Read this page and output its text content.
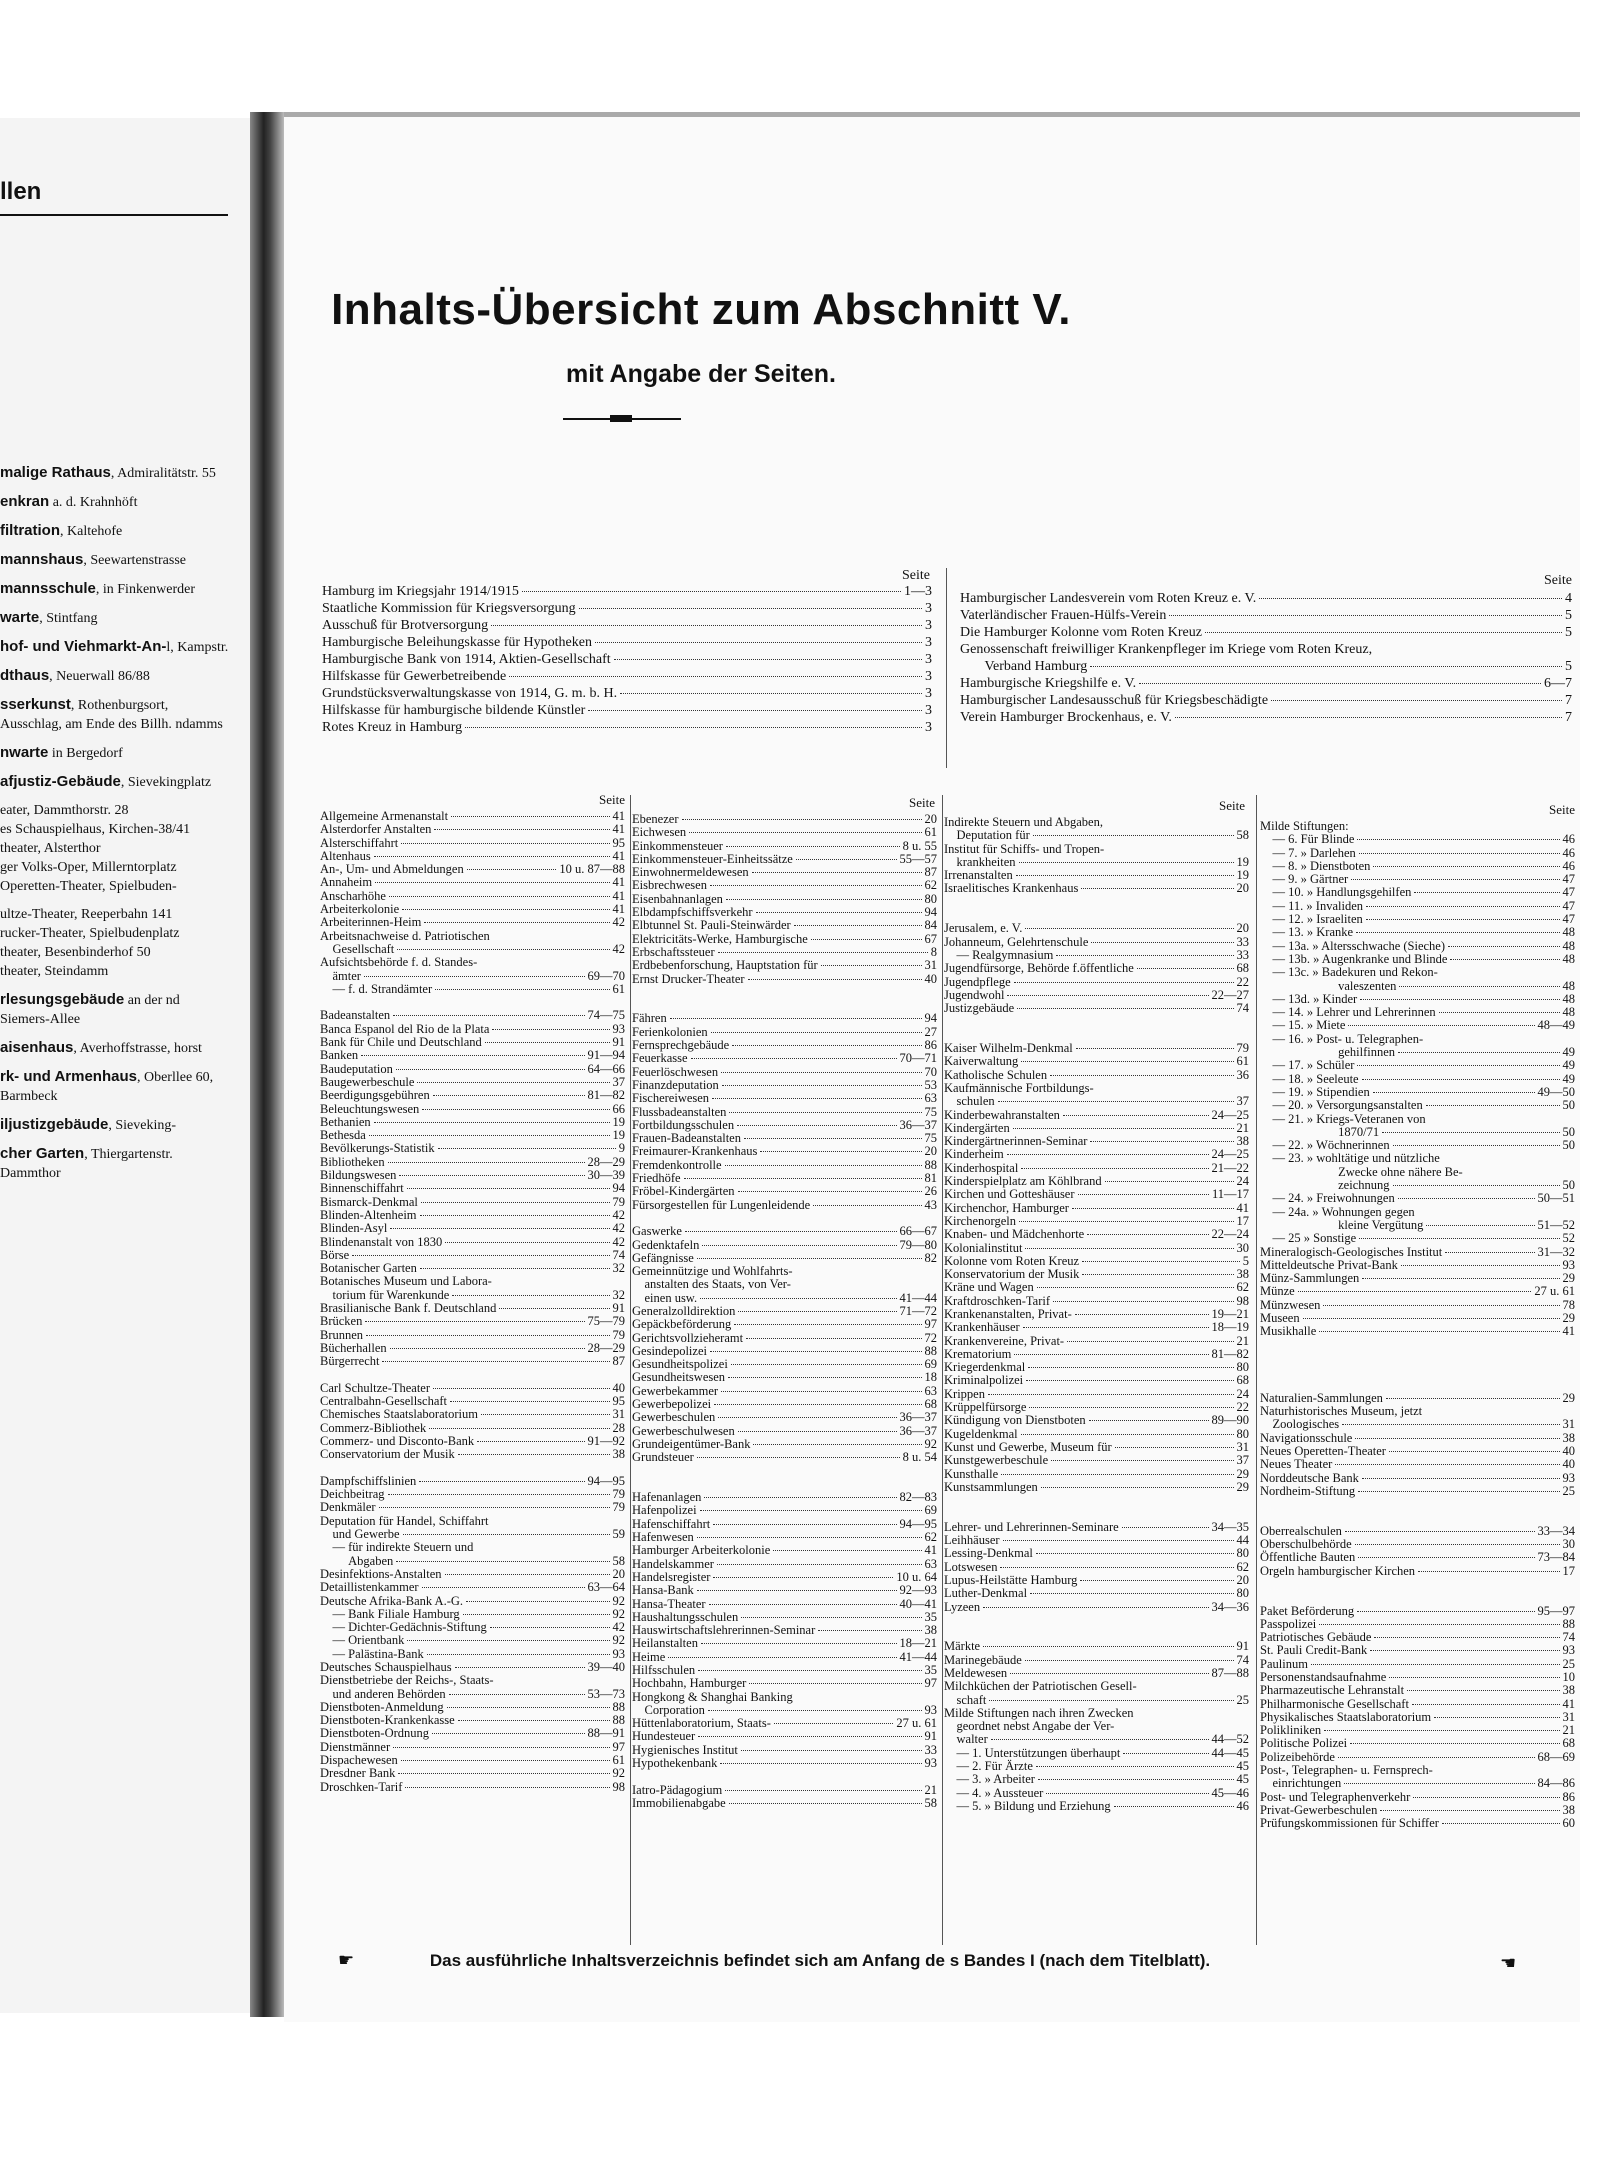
llen
malige Rathaus, Admiralitätstr. 55
enkran a. d. Krahnhöft
filtration, Kaltehofe
mannshaus, Seewartenstrasse
mannsschule, in Finkenwerder
warte, Stintfang
hof- und Viehmarkt-An-l, Kampstr.
dthaus, Neuerwall 86/88
sserkunst, Rothenburgsort, Ausschlag, am Ende des Billh. ndamms
nwarte in Bergedorf
afjustiz-Gebäude, Sievekingplatz
eater, Dammthorstr. 28
es Schauspielhaus, Kirchen-38/41
theater, Alsterthor
ger Volks-Oper, Millerntorplatz
Operetten-Theater, Spielbuden-
ultze-Theater, Reeperbahn 141
rucker-Theater, Spielbudenplatz
theater, Besenbinderhof 50
theater, Steindamm
rlesungsgebäude an der nd Siemers-Allee
aisenhaus, Averhoffstrasse, horst
rk- und Armenhaus, Oberllee 60, Barmbeck
iljustizgebäude, Sieveking-
cher Garten, Thiergartenstr. Dammthor
Inhalts-Übersicht zum Abschnitt V.
mit Angabe der Seiten.
Seite	Seite
Hamburg im Kriegsjahr 1914/1915	1—3
Staatliche Kommission für Kriegsversorgung	3
Ausschuß für Brotversorgung	3
Hamburgische Beleihungskasse für Hypotheken	3
Hamburgische Bank von 1914, Aktien-Gesellschaft	3
Hilfskasse für Gewerbetreibende	3
Grundstücksverwaltungskasse von 1914, G. m. b. H.	3
Hilfskasse für hamburgische bildende Künstler	3
Rotes Kreuz in Hamburg	3
Hamburgischer Landesverein vom Roten Kreuz e. V.	4
Vaterländischer Frauen-Hülfs-Verein	5
Die Hamburger Kolonne vom Roten Kreuz	5
Genossenschaft freiwilliger Krankenpfleger im Kriege vom Roten Kreuz,
Verband Hamburg	5
Hamburgische Kriegshilfe e. V.	6—7
Hamburgischer Landesausschuß für Kriegsbeschädigte	7
Verein Hamburger Brockenhaus, e. V.	7
Seite	Seite	Seite	Seite
Allgemeine Armenanstalt	41
Alsterdorfer Anstalten	41
Alsterschiffahrt	95
Altenhaus	41
An-, Um- und Abmeldungen	10 u. 87—88
Annaheim	41
Anscharhöhe	41
Arbeiterkolonie	41
Arbeiterinnen-Heim	42
Arbeitsnachweise d. Patriotischen
Gesellschaft	42
Aufsichtsbehörde f. d. Standes-
ämter	69—70
— f. d. Strandämter	61
Badeanstalten	74—75
Banca Espanol del Rio de la Plata	93
Bank für Chile und Deutschland	91
Banken	91—94
Baudeputation	64—66
Baugewerbeschule	37
Beerdigungsgebühren	81—82
Beleuchtungswesen	66
Bethanien	19
Bethesda	19
Bevölkerungs-Statistik	9
Bibliotheken	28—29
Bildungswesen	30—39
Binnenschiffahrt	94
Bismarck-Denkmal	79
Blinden-Altenheim	42
Blinden-Asyl	42
Blindenanstalt von 1830	42
Börse	74
Botanischer Garten	32
Botanisches Museum und Labora-
torium für Warenkunde	32
Brasilianische Bank f. Deutschland	91
Brücken	75—79
Brunnen	79
Bücherhallen	28—29
Bürgerrecht	87
Carl Schultze-Theater	40
Centralbahn-Gesellschaft	95
Chemisches Staatslaboratorium	31
Commerz-Bibliothek	28
Commerz- und Disconto-Bank	91—92
Conservatorium der Musik	38
Dampfschiffslinien	94—95
Deichbeitrag	79
Denkmäler	79
Deputation für Handel, Schiffahrt
und Gewerbe	59
— für indirekte Steuern und
Abgaben	58
Desinfektions-Anstalten	20
Detaillistenkammer	63—64
Deutsche Afrika-Bank A.-G.	92
— Bank Filiale Hamburg	92
— Dichter-Gedächnis-Stiftung	42
— Orientbank	92
— Palästina-Bank	93
Deutsches Schauspielhaus	39—40
Dienstbetriebe der Reichs-, Staats-
und anderen Behörden	53—73
Dienstboten-Anmeldung	88
Dienstboten-Krankenkasse	88
Dienstboten-Ordnung	88—91
Dienstmänner	97
Dispachewesen	61
Dresdner Bank	92
Droschken-Tarif	98
Ebenezer	20
Eichwesen	61
Einkommensteuer	8 u. 55
Einkommensteuer-Einheitssätze	55—57
Einwohnermeldewesen	87
Eisbrechwesen	62
Eisenbahnanlagen	80
Elbdampfschiffsverkehr	94
Elbtunnel St. Pauli-Steinwärder	84
Elektricitäts-Werke, Hamburgische	67
Erbschaftssteuer	8
Erdbebenforschung, Hauptstation für	31
Ernst Drucker-Theater	40
Fähren	94
Ferienkolonien	27
Fernsprechgebäude	86
Feuerkasse	70—71
Feuerlöschwesen	70
Finanzdeputation	53
Fischereiwesen	63
Flussbadeanstalten	75
Fortbildungsschulen	36—37
Frauen-Badeanstalten	75
Freimaurer-Krankenhaus	20
Fremdenkontrolle	88
Friedhöfe	81
Fröbel-Kindergärten	26
Fürsorgestellen für Lungenleidende	43
Gaswerke	66—67
Gedenktafeln	79—80
Gefängnisse	82
Gemeinnützige und Wohlfahrts-
anstalten des Staats, von Ver-
einen usw.	41—44
Generalzolldirektion	71—72
Gepäckbeförderung	97
Gerichtsvollzieheramt	72
Gesindepolizei	88
Gesundheitspolizei	69
Gesundheitswesen	18
Gewerbekammer	63
Gewerbepolizei	68
Gewerbeschulen	36—37
Gewerbeschulwesen	36—37
Grundeigentümer-Bank	92
Grundsteuer	8 u. 54
Hafenanlagen	82—83
Hafenpolizei	69
Hafenschiffahrt	94—95
Hafenwesen	62
Hamburger Arbeiterkolonie	41
Handelskammer	63
Handelsregister	10 u. 64
Hansa-Bank	92—93
Hansa-Theater	40—41
Haushaltungsschulen	35
Hauswirtschaftslehrerinnen-Seminar	38
Heilanstalten	18—21
Heime	41—44
Hilfsschulen	35
Hochbahn, Hamburger	97
Hongkong & Shanghai Banking
Corporation	93
Hüttenlaboratorium, Staats-	27 u. 61
Hundesteuer	91
Hygienisches Institut	33
Hypothekenbank	93
Iatro-Pädagogium	21
Immobilienabgabe	58
Indirekte Steuern und Abgaben,
Deputation für	58
Institut für Schiffs- und Tropen-
krankheiten	19
Irrenanstalten	19
Israelitisches Krankenhaus	20
Jerusalem, e. V.	20
Johanneum, Gelehrtenschule	33
— Realgymnasium	33
Jugendfürsorge, Behörde f.öffentliche	68
Jugendpflege	22
Jugendwohl	22—27
Justizgebäude	74
Kaiser Wilhelm-Denkmal	79
Kaiverwaltung	61
Katholische Schulen	36
Kaufmännische Fortbildungs-
schulen	37
Kinderbewahranstalten	24—25
Kindergärten	21
Kindergärtnerinnen-Seminar	38
Kinderheim	24—25
Kinderhospital	21—22
Kinderspielplatz am Köhlbrand	24
Kirchen und Gotteshäuser	11—17
Kirchenchor, Hamburger	41
Kirchenorgeln	17
Knaben- und Mädchenhorte	22—24
Kolonialinstitut	30
Kolonne vom Roten Kreuz	5
Konservatorium der Musik	38
Kräne und Wagen	62
Kraftdroschken-Tarif	98
Krankenanstalten, Privat-	19—21
Krankenhäuser	18—19
Krankenvereine, Privat-	21
Krematorium	81—82
Kriegerdenkmal	80
Kriminalpolizei	68
Krippen	24
Krüppelfürsorge	22
Kündigung von Dienstboten	89—90
Kugeldenkmal	80
Kunst und Gewerbe, Museum für	31
Kunstgewerbeschule	37
Kunsthalle	29
Kunstsammlungen	29
Lehrer- und Lehrerinnen-Seminare	34—35
Leihhäuser	44
Lessing-Denkmal	80
Lotswesen	62
Lupus-Heilstätte Hamburg	20
Luther-Denkmal	80
Lyzeen	34—36
Märkte	91
Marinegebäude	74
Meldewesen	87—88
Milchküchen der Patriotischen Gesell-
schaft	25
Milde Stiftungen nach ihren Zwecken
geordnet nebst Angabe der Ver-
walter	44—52
— 1. Unterstützungen überhaupt	44—45
— 2. Für Ärzte	45
— 3. » Arbeiter	45
— 4. » Aussteuer	45—46
— 5. » Bildung und Erziehung	46
Milde Stiftungen:
— 6. Für Blinde	46
— 7. » Darlehen	46
— 8. » Dienstboten	46
— 9. » Gärtner	47
— 10. » Handlungsgehilfen	47
— 11. » Invaliden	47
— 12. » Israeliten	47
— 13. » Kranke	48
— 13a. » Altersschwache (Sieche)	48
— 13b. » Augenkranke und Blinde	48
— 13c. » Badekuren und Rekon-
valeszenten	48
— 13d. » Kinder	48
— 14. » Lehrer und Lehrerinnen	48
— 15. » Miete	48—49
— 16. » Post- u. Telegraphen-
gehilfinnen	49
— 17. » Schüler	49
— 18. » Seeleute	49
— 19. » Stipendien	49—50
— 20. » Versorgungsanstalten	50
— 21. » Kriegs-Veteranen von
1870/71	50
— 22. » Wöchnerinnen	50
— 23. » wohltätige und nützliche
Zwecke ohne nähere Be-
zeichnung	50
— 24. » Freiwohnungen	50—51
— 24a. » Wohnungen gegen
kleine Vergütung	51—52
— 25 » Sonstige	52
Mineralogisch-Geologisches Institut	31—32
Mitteldeutsche Privat-Bank	93
Münz-Sammlungen	29
Münze	27 u. 61
Münzwesen	78
Museen	29
Musikhalle	41
Naturalien-Sammlungen	29
Naturhistorisches Museum, jetzt
Zoologisches	31
Navigationsschule	38
Neues Operetten-Theater	40
Neues Theater	40
Norddeutsche Bank	93
Nordheim-Stiftung	25
Oberrealschulen	33—34
Oberschulbehörde	30
Öffentliche Bauten	73—84
Orgeln hamburgischer Kirchen	17
Paket Beförderung	95—97
Passpolizei	88
Patriotisches Gebäude	74
St. Pauli Credit-Bank	93
Paulinum	25
Personenstandsaufnahme	10
Pharmazeutische Lehranstalt	38
Philharmonische Gesellschaft	41
Physikalisches Staatslaboratorium	31
Polikliniken	21
Politische Polizei	68
Polizeibehörde	68—69
Post-, Telegraphen- u. Fernsprech-
einrichtungen	84—86
Post- und Telegraphenverkehr	86
Privat-Gewerbeschulen	38
Prüfungskommissionen für Schiffer	60
☛	Das ausführliche Inhaltsverzeichnis befindet sich am Anfang de s Bandes I (nach dem Titelblatt).	☚
